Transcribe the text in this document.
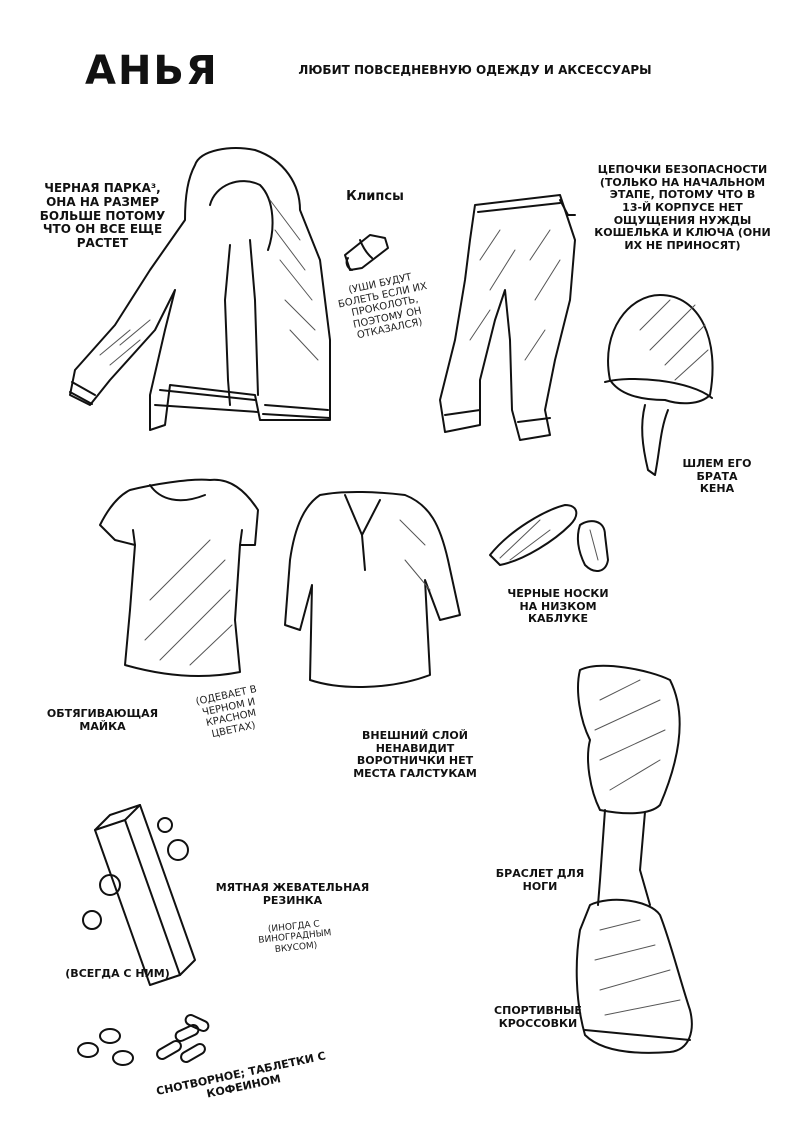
АНЬЯ	ЛЮБИТ ПОВСЕДНЕВНУЮ ОДЕЖДУ И АКСЕССУАРЫ
ЧЕРНАЯ ПАРКА³,
ОНА НА РАЗМЕР
БОЛЬШЕ ПОТОМУ
ЧТО ОН ВСЕ ЕЩЕ
РАСТЕТ
Клипсы
(УШИ БУДУТ
БОЛЕТЬ ЕСЛИ ИХ
ПРОКОЛОТЬ,
ПОЭТОМУ ОН
ОТКАЗАЛСЯ)
ЦЕПОЧКИ БЕЗОПАСНОСТИ
(ТОЛЬКО НА НАЧАЛЬНОМ
ЭТАПЕ, ПОТОМУ ЧТО В
13-Й КОРПУСЕ НЕТ
ОЩУЩЕНИЯ НУЖДЫ
КОШЕЛЬКА И КЛЮЧА (ОНИ
ИХ НЕ ПРИНОСЯТ)
ШЛЕМ ЕГО
БРАТА
КЕНА
ЧЕРНЫЕ НОСКИ
НА НИЗКОМ
КАБЛУКЕ
ОБТЯГИВАЮЩАЯ
МАЙКА
(ОДЕВАЕТ В
ЧЕРНОМ И
КРАСНОМ
ЦВЕТАХ)	ВНЕШНИЙ СЛОЙ
НЕНАВИДИТ
ВОРОТНИЧКИ НЕТ
МЕСТА ГАЛСТУКАМ
БРАСЛЕТ ДЛЯ
НОГИ
СПОРТИВНЫЕ
КРОССОВКИ
МЯТНАЯ ЖЕВАТЕЛЬНАЯ
РЕЗИНКА
(ИНОГДА С
ВИНОГРАДНЫМ
ВКУСОМ)
(ВСЕГДА С НИМ)
СНОТВОРНОЕ; ТАБЛЕТКИ С
КОФЕИНОМ
